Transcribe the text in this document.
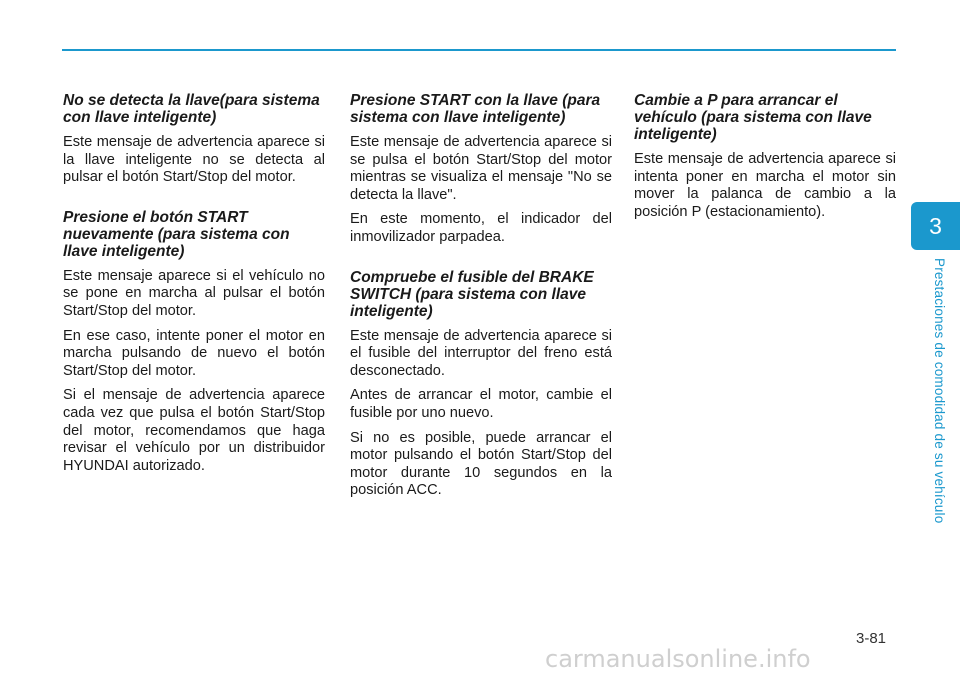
No se detecta la llave(para sistema con llave inteligente)

Este mensaje de advertencia aparece si la llave inteligente no se detecta al pulsar el botón Start/Stop del motor.

Presione el botón START nuevamente (para sistema con llave inteligente)

Este mensaje aparece si el vehículo no se pone en marcha al pulsar el botón Start/Stop del motor.

En ese caso, intente poner el motor en marcha pulsando de nuevo el botón Start/Stop del motor.

Si el mensaje de advertencia aparece cada vez que pulsa el botón Start/Stop del motor, recomendamos que haga revisar el vehículo por un distribuidor HYUNDAI autorizado.

Presione START con la llave (para sistema con llave inteligente)

Este mensaje de advertencia aparece si se pulsa el botón Start/Stop del motor mientras se visualiza el mensaje "No se detecta la llave".

En este momento, el indicador del inmovilizador parpadea.

Compruebe el fusible del BRAKE SWITCH (para sistema con llave inteligente)

Este mensaje de advertencia aparece si el fusible del interruptor del freno está desconectado.

Antes de arrancar el motor, cambie el fusible por uno nuevo.

Si no es posible, puede arrancar el motor pulsando el botón Start/Stop del motor durante 10 segundos en la posición ACC.

Cambie a P para arrancar el vehículo (para sistema con llave inteligente)

Este mensaje de advertencia aparece si intenta poner en marcha el motor sin mover la palanca de cambio a la posición P (estacionamiento).

3
Prestaciones de comodidad de su vehículo
3-81
carmanualsonline.info
